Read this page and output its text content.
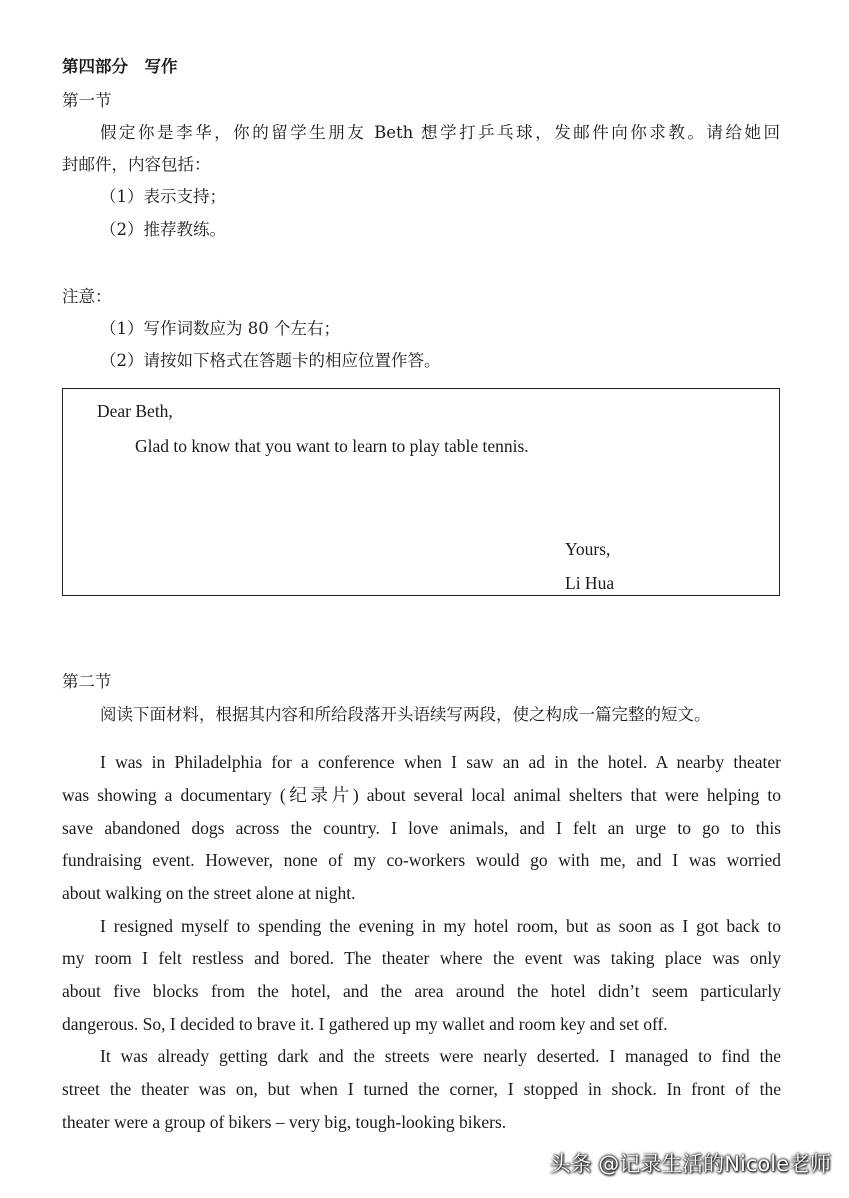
第四部分　写作
第一节
假定你是李华，你的留学生朋友 Beth 想学打乒乓球，发邮件向你求教。请给她回
封邮件，内容包括：
（1）表示支持；
（2）推荐教练。
注意：
（1）写作词数应为 80 个左右；
（2）请按如下格式在答题卡的相应位置作答。
Dear Beth,
Glad to know that you want to learn to play table tennis.
Yours,
Li Hua
第二节
阅读下面材料，根据其内容和所给段落开头语续写两段，使之构成一篇完整的短文。
I was in Philadelphia for a conference when I saw an ad in the hotel. A nearby theater
was showing a documentary (纪录片) about several local animal shelters that were helping to
save abandoned dogs across the country. I love animals, and I felt an urge to go to this
fundraising event. However, none of my co-workers would go with me, and I was worried
about walking on the street alone at night.
I resigned myself to spending the evening in my hotel room, but as soon as I got back to
my room I felt restless and bored. The theater where the event was taking place was only
about five blocks from the hotel, and the area around the hotel didn’t seem particularly
dangerous. So, I decided to brave it. I gathered up my wallet and room key and set off.
It was already getting dark and the streets were nearly deserted. I managed to find the
street the theater was on, but when I turned the corner, I stopped in shock. In front of the
theater were a group of bikers – very big, tough-looking bikers.
头条 @记录生活的Nicole老师
